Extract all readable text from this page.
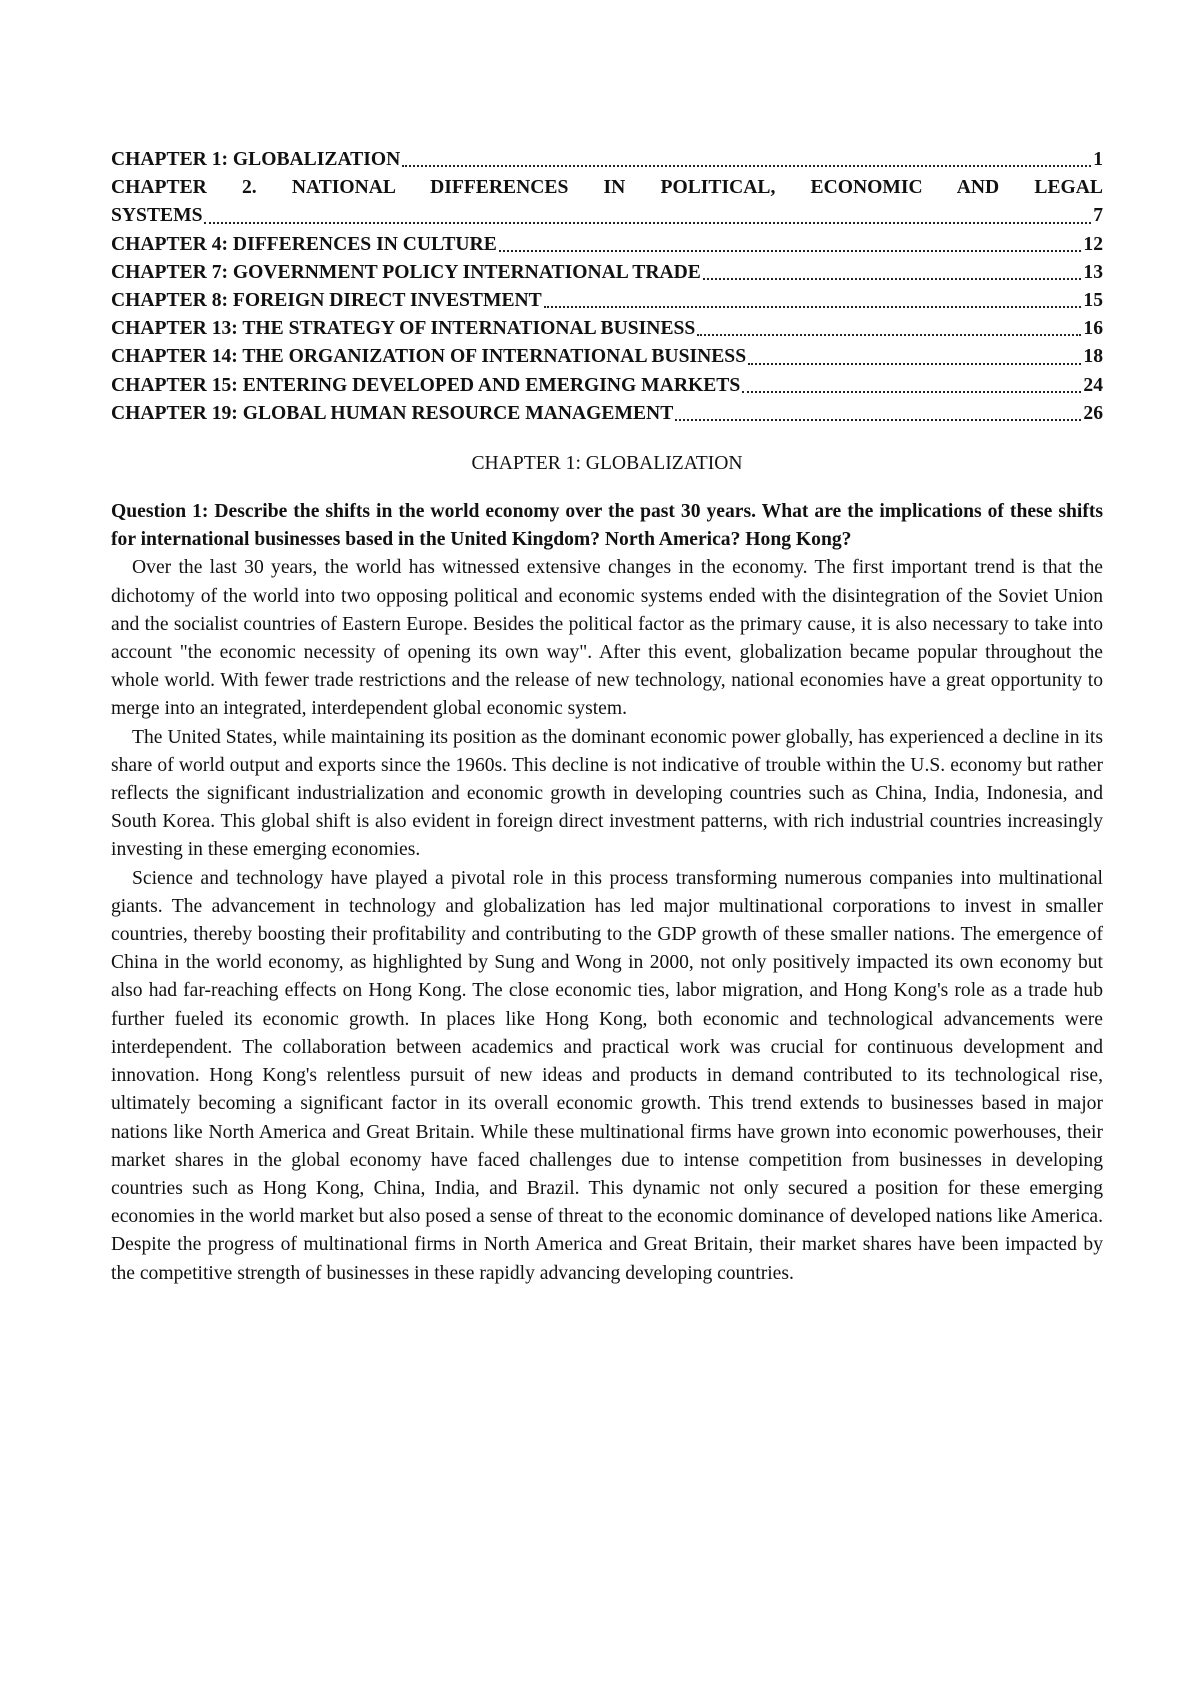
CHAPTER 1: GLOBALIZATION	1
CHAPTER 2. NATIONAL DIFFERENCES IN POLITICAL, ECONOMIC AND LEGAL
SYSTEMS	7
CHAPTER 4: DIFFERENCES IN CULTURE	12
CHAPTER 7: GOVERNMENT POLICY INTERNATIONAL TRADE	13
CHAPTER 8: FOREIGN DIRECT INVESTMENT	15
CHAPTER 13: THE STRATEGY OF INTERNATIONAL BUSINESS	16
CHAPTER 14: THE ORGANIZATION OF INTERNATIONAL BUSINESS	18
CHAPTER 15: ENTERING DEVELOPED AND EMERGING MARKETS	24
CHAPTER 19: GLOBAL HUMAN RESOURCE MANAGEMENT	26
CHAPTER 1: GLOBALIZATION

Question 1: Describe the shifts in the world economy over the past 30 years. What are the implications of these shifts for international businesses based in the United Kingdom? North America? Hong Kong?

Over the last 30 years, the world has witnessed extensive changes in the economy. The first important trend is that the dichotomy of the world into two opposing political and economic systems ended with the disintegration of the Soviet Union and the socialist countries of Eastern Europe. Besides the political factor as the primary cause, it is also necessary to take into account "the economic necessity of opening its own way". After this event, globalization became popular throughout the whole world. With fewer trade restrictions and the release of new technology, national economies have a great opportunity to merge into an integrated, interdependent global economic system.

The United States, while maintaining its position as the dominant economic power globally, has experienced a decline in its share of world output and exports since the 1960s. This decline is not indicative of trouble within the U.S. economy but rather reflects the significant industrialization and economic growth in developing countries such as China, India, Indonesia, and South Korea. This global shift is also evident in foreign direct investment patterns, with rich industrial countries increasingly investing in these emerging economies.

Science and technology have played a pivotal role in this process transforming numerous companies into multinational giants. The advancement in technology and globalization has led major multinational corporations to invest in smaller countries, thereby boosting their profitability and contributing to the GDP growth of these smaller nations. The emergence of China in the world economy, as highlighted by Sung and Wong in 2000, not only positively impacted its own economy but also had far-reaching effects on Hong Kong. The close economic ties, labor migration, and Hong Kong's role as a trade hub further fueled its economic growth. In places like Hong Kong, both economic and technological advancements were interdependent. The collaboration between academics and practical work was crucial for continuous development and innovation. Hong Kong's relentless pursuit of new ideas and products in demand contributed to its technological rise, ultimately becoming a significant factor in its overall economic growth. This trend extends to businesses based in major nations like North America and Great Britain. While these multinational firms have grown into economic powerhouses, their market shares in the global economy have faced challenges due to intense competition from businesses in developing countries such as Hong Kong, China, India, and Brazil. This dynamic not only secured a position for these emerging economies in the world market but also posed a sense of threat to the economic dominance of developed nations like America. Despite the progress of multinational firms in North America and Great Britain, their market shares have been impacted by the competitive strength of businesses in these rapidly advancing developing countries.
